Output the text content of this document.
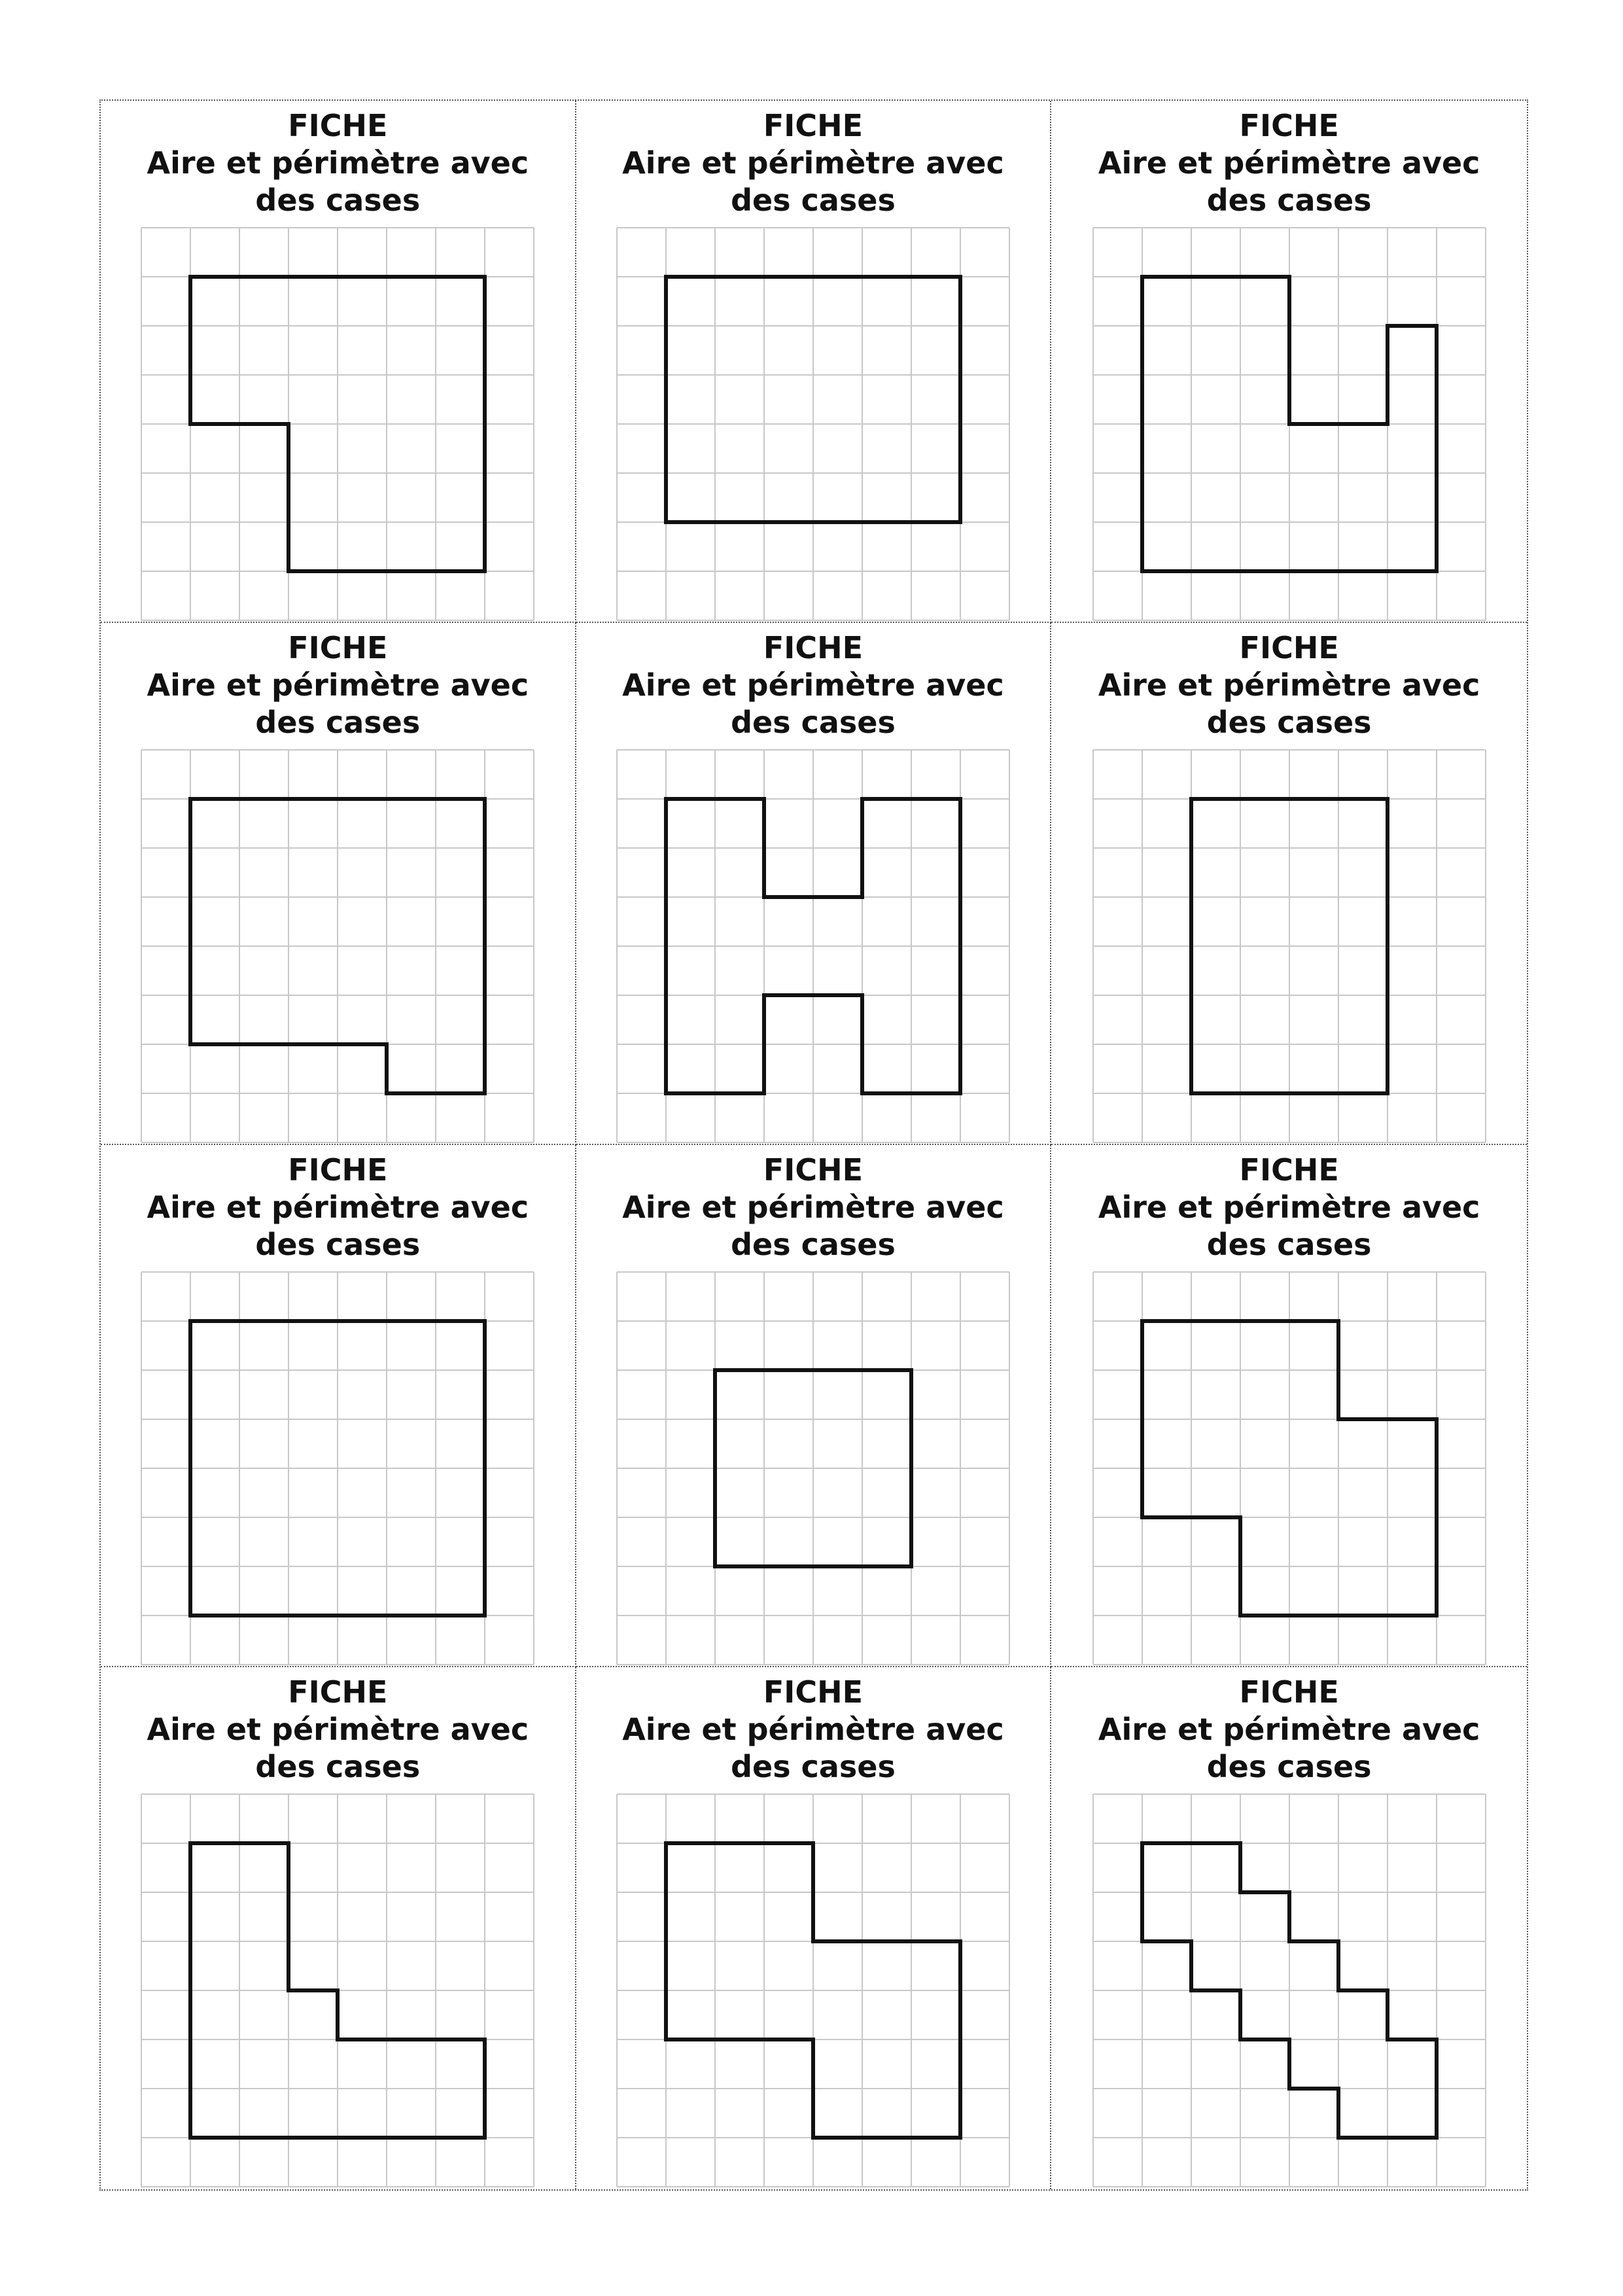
FICHE
Aire et périmètre avec des cases
FICHE
Aire et périmètre avec des cases
FICHE
Aire et périmètre avec des cases
FICHE
Aire et périmètre avec des cases
FICHE
Aire et périmètre avec des cases
FICHE
Aire et périmètre avec des cases
FICHE
Aire et périmètre avec des cases
FICHE
Aire et périmètre avec des cases
FICHE
Aire et périmètre avec des cases
FICHE
Aire et périmètre avec des cases
FICHE
Aire et périmètre avec des cases
FICHE
Aire et périmètre avec des cases
